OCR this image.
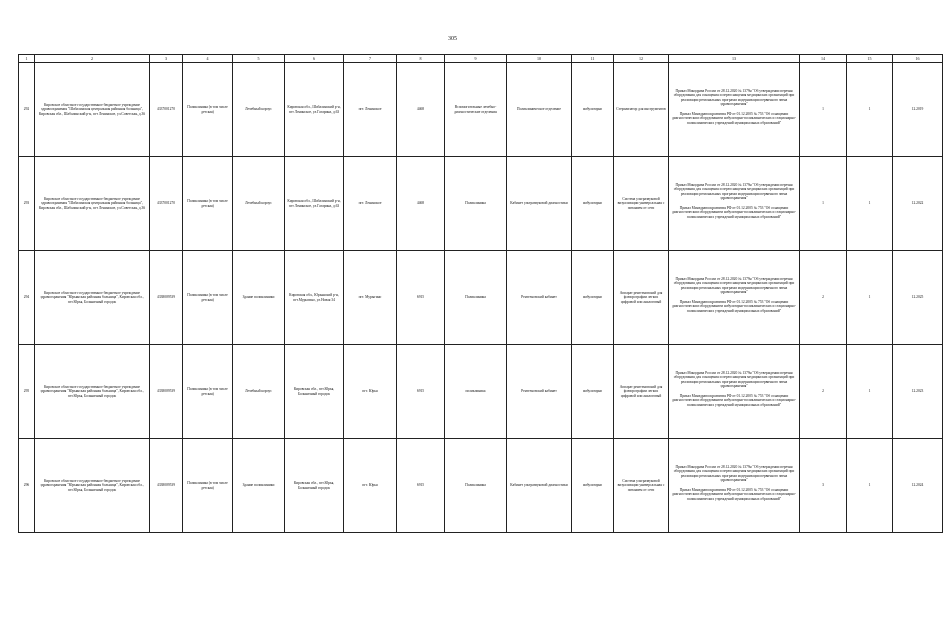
305
1	2	3	4	5	6	7	8	9	10	11	12	13	14	15	16
292	Кировское областное государственное бюджетное учреждение здравоохранения "Шабалинская центральная районная больница", Кировская обл., Шабалинский р-н, пгт Ленинское, ул.Советская, д.36	4337001270	Поликлиника (в том числе детская)	Лечебный корпус	Кировская обл., Шабалинский р-н, пгт Ленинское, ул.Гагарина, д.63	пгт. Ленинское	4468	Вспомогательные лечебно-диагностические отделения	Поликлиническое отделение	амбулаторно	Стерилизатор для инструментов	Приказ Минздрава России от 28.12.2020 № 1379н "Об утверждении перечня оборудования для оснащения и переоснащения медицинских организаций при реализации региональных программ модернизации первичного звена здравоохранения"

Приказ Минздравсоцразвития РФ от 01.12.2005 № 753 "Об оснащении диагностическим оборудованием амбулаторно-поликлинических и стационарно-поликлинических учреждений муниципальных образований"	1	1	12.2019
293	Кировское областное государственное бюджетное учреждение здравоохранения "Шабалинская центральная районная больница", Кировская обл., Шабалинский р-н, пгт Ленинское, ул.Советская, д.36	4337001270	Поликлиника (в том числе детская)	Лечебный корпус	Кировская обл., Шабалинский р-н, пгт Ленинское, ул.Гагарина, д.63	пгт. Ленинское	4468	Поликлиника	Кабинет ультразвуковой диагностики	амбулаторно	Система ультразвуковой визуализации универсальная с питанием от сети	Приказ Минздрава России от 28.12.2020 № 1379н "Об утверждении перечня оборудования для оснащения и переоснащения медицинских организаций при реализации региональных программ модернизации первичного звена здравоохранения"

Приказ Минздравсоцразвития РФ от 01.12.2005 № 753 "Об оснащении диагностическим оборудованием амбулаторно-поликлинических и стационарно-поликлинических учреждений муниципальных образований"	1	1	12.2022
294	Кировское областное государственное бюджетное учреждение здравоохранения "Юрьянская районная больница", Кировская обл., пгт.Юрья, Больничный городок	4338009539	Поликлиника (в том числе детская)	Здание поликлиники	Кировская обл., Юрьянский р-н, пгт.Мурыгино, ул.Новая 34	пгт. Мурыгино	6915	Поликлиника	Рентгеновский кабинет	амбулаторно	Аппарат рентгеновский для флюорографии легких цифровой или аналоговый	Приказ Минздрава России от 28.12.2020 № 1379н "Об утверждении перечня оборудования для оснащения и переоснащения медицинских организаций при реализации региональных программ модернизации первичного звена здравоохранения"

Приказ Минздравсоцразвития РФ от 01.12.2005 № 753 "Об оснащении диагностическим оборудованием амбулаторно-поликлинических и стационарно-поликлинических учреждений муниципальных образований"	2	1	12.2025
295	Кировское областное государственное бюджетное учреждение здравоохранения "Юрьянская районная больница", Кировская обл., пгт.Юрья, Больничный городок	4338009539	Поликлиника (в том числе детская)	Лечебный корпус	Кировская обл., пгт.Юрья, Больничный городок	пгт. Юрья	6915	поликлиника	Рентгеновский кабинет	амбулаторно	Аппарат рентгеновский для флюорографии легких цифровой или аналоговый	Приказ Минздрава России от 28.12.2020 № 1379н "Об утверждении перечня оборудования для оснащения и переоснащения медицинских организаций при реализации региональных программ модернизации первичного звена здравоохранения"

Приказ Минздравсоцразвития РФ от 01.12.2005 № 753 "Об оснащении диагностическим оборудованием амбулаторно-поликлинических и стационарно-поликлинических учреждений муниципальных образований"	2	1	12.2023
296	Кировское областное государственное бюджетное учреждение здравоохранения "Юрьянская районная больница", Кировская обл., пгт.Юрья, Больничный городок	4338009539	Поликлиника (в том числе детская)	Здание поликлиники	Кировская обл., пгт.Юрья, Больничный городок	пгт. Юрья	6915	Поликлиника	Кабинет ультразвуковой диагностики	амбулаторно	Система ультразвуковой визуализации универсальная с питанием от сети	Приказ Минздрава России от 28.12.2020 № 1379н "Об утверждении перечня оборудования для оснащения и переоснащения медицинских организаций при реализации региональных программ модернизации первичного звена здравоохранения"

Приказ Минздравсоцразвития РФ от 01.12.2005 № 753 "Об оснащении диагностическим оборудованием амбулаторно-поликлинических и стационарно-поликлинических учреждений муниципальных образований"	3	1	12.2024
